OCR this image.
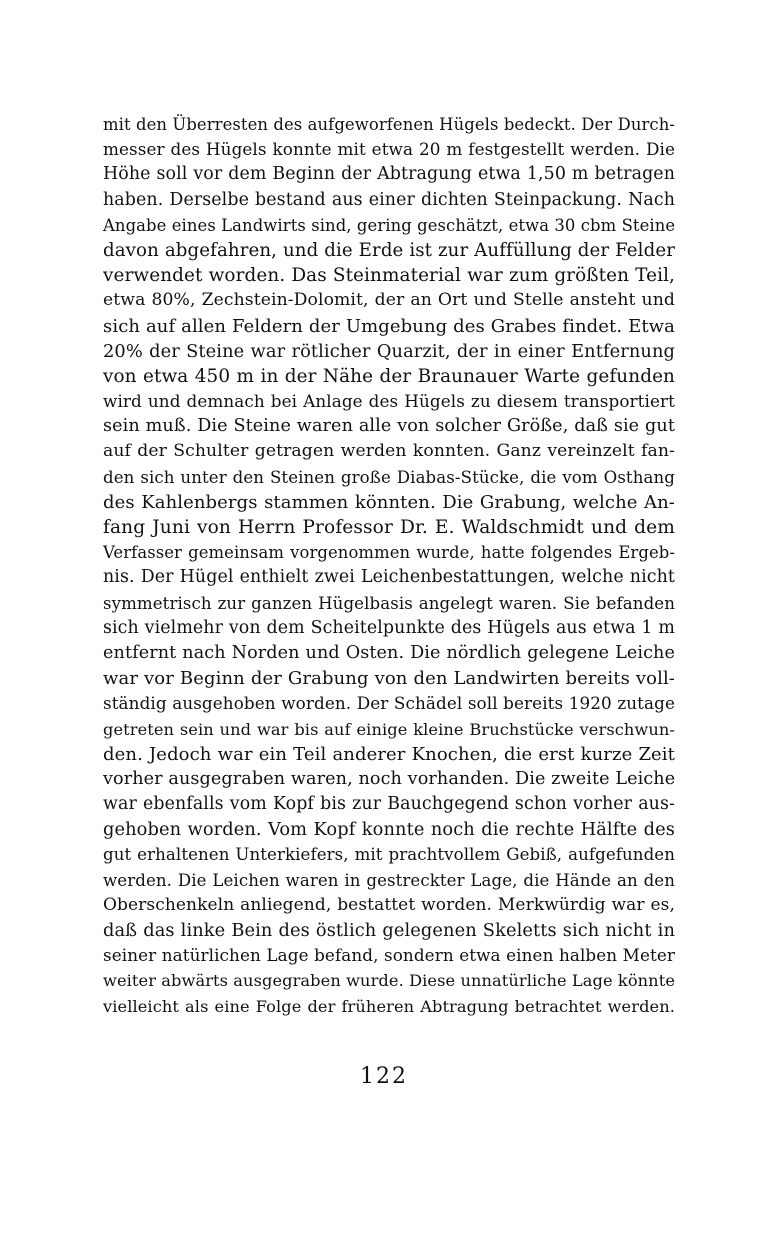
mit den Überresten des aufgeworfenen Hügels bedeckt. Der Durch-
messer des Hügels konnte mit etwa 20 m festgestellt werden. Die
Höhe soll vor dem Beginn der Abtragung etwa 1,50 m betragen
haben. Derselbe bestand aus einer dichten Steinpackung. Nach
Angabe eines Landwirts sind, gering geschätzt, etwa 30 cbm Steine
davon abgefahren, und die Erde ist zur Auffüllung der Felder
verwendet worden. Das Steinmaterial war zum größten Teil,
etwa 80%, Zechstein-Dolomit, der an Ort und Stelle ansteht und
sich auf allen Feldern der Umgebung des Grabes findet. Etwa
20% der Steine war rötlicher Quarzit, der in einer Entfernung
von etwa 450 m in der Nähe der Braunauer Warte gefunden
wird und demnach bei Anlage des Hügels zu diesem transportiert
sein muß. Die Steine waren alle von solcher Größe, daß sie gut
auf der Schulter getragen werden konnten. Ganz vereinzelt fan-
den sich unter den Steinen große Diabas-Stücke, die vom Osthang
des Kahlenbergs stammen könnten. Die Grabung, welche An-
fang Juni von Herrn Professor Dr. E. Waldschmidt und dem
Verfasser gemeinsam vorgenommen wurde, hatte folgendes Ergeb-
nis. Der Hügel enthielt zwei Leichenbestattungen, welche nicht
symmetrisch zur ganzen Hügelbasis angelegt waren. Sie befanden
sich vielmehr von dem Scheitelpunkte des Hügels aus etwa 1 m
entfernt nach Norden und Osten. Die nördlich gelegene Leiche
war vor Beginn der Grabung von den Landwirten bereits voll-
ständig ausgehoben worden. Der Schädel soll bereits 1920 zutage
getreten sein und war bis auf einige kleine Bruchstücke verschwun-
den. Jedoch war ein Teil anderer Knochen, die erst kurze Zeit
vorher ausgegraben waren, noch vorhanden. Die zweite Leiche
war ebenfalls vom Kopf bis zur Bauchgegend schon vorher aus-
gehoben worden. Vom Kopf konnte noch die rechte Hälfte des
gut erhaltenen Unterkiefers, mit prachtvollem Gebiß, aufgefunden
werden. Die Leichen waren in gestreckter Lage, die Hände an den
Oberschenkeln anliegend, bestattet worden. Merkwürdig war es,
daß das linke Bein des östlich gelegenen Skeletts sich nicht in
seiner natürlichen Lage befand, sondern etwa einen halben Meter
weiter abwärts ausgegraben wurde. Diese unnatürliche Lage könnte
vielleicht als eine Folge der früheren Abtragung betrachtet werden.
122
